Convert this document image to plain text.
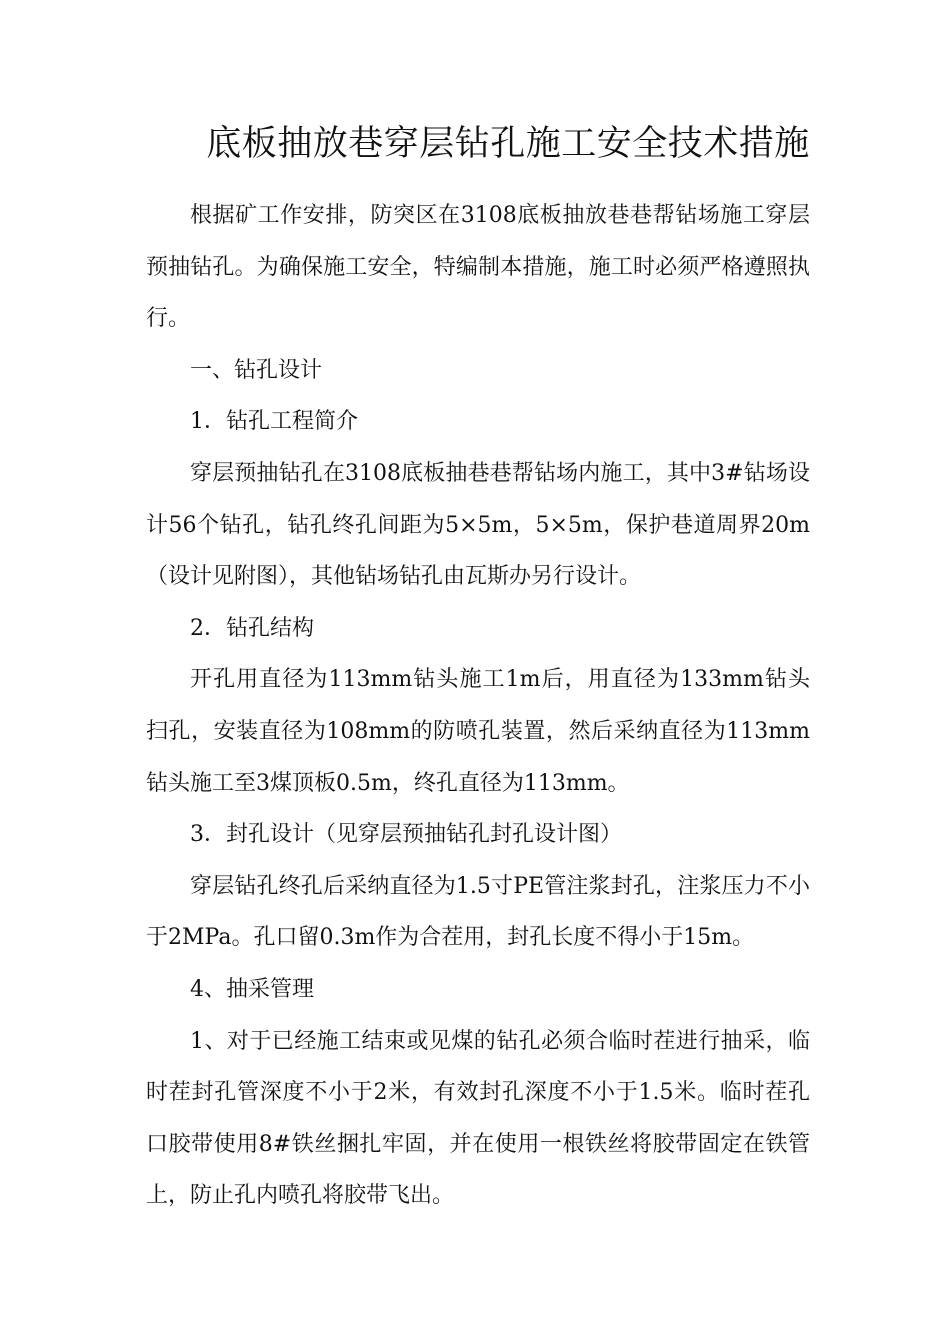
底板抽放巷穿层钻孔施工安全技术措施

根据矿工作安排，防突区在3108底板抽放巷巷帮钻场施工穿层预抽钻孔。为确保施工安全，特编制本措施，施工时必须严格遵照执行。

一、钻孔设计

1．钻孔工程简介

穿层预抽钻孔在3108底板抽巷巷帮钻场内施工，其中3#钻场设计56个钻孔，钻孔终孔间距为5×5m，5×5m，保护巷道周界20m（设计见附图），其他钻场钻孔由瓦斯办另行设计。

2．钻孔结构

开孔用直径为113mm钻头施工1m后，用直径为133mm钻头扫孔，安装直径为108mm的防喷孔装置，然后采纳直径为113mm钻头施工至3煤顶板0.5m，终孔直径为113mm。

3．封孔设计（见穿层预抽钻孔封孔设计图）

穿层钻孔终孔后采纳直径为1.5寸PE管注浆封孔，注浆压力不小于2MPa。孔口留0.3m作为合茬用，封孔长度不得小于15m。

4、抽采管理

1、对于已经施工结束或见煤的钻孔必须合临时茬进行抽采，临时茬封孔管深度不小于2米，有效封孔深度不小于1.5米。临时茬孔口胶带使用8#铁丝捆扎牢固，并在使用一根铁丝将胶带固定在铁管上，防止孔内喷孔将胶带飞出。
